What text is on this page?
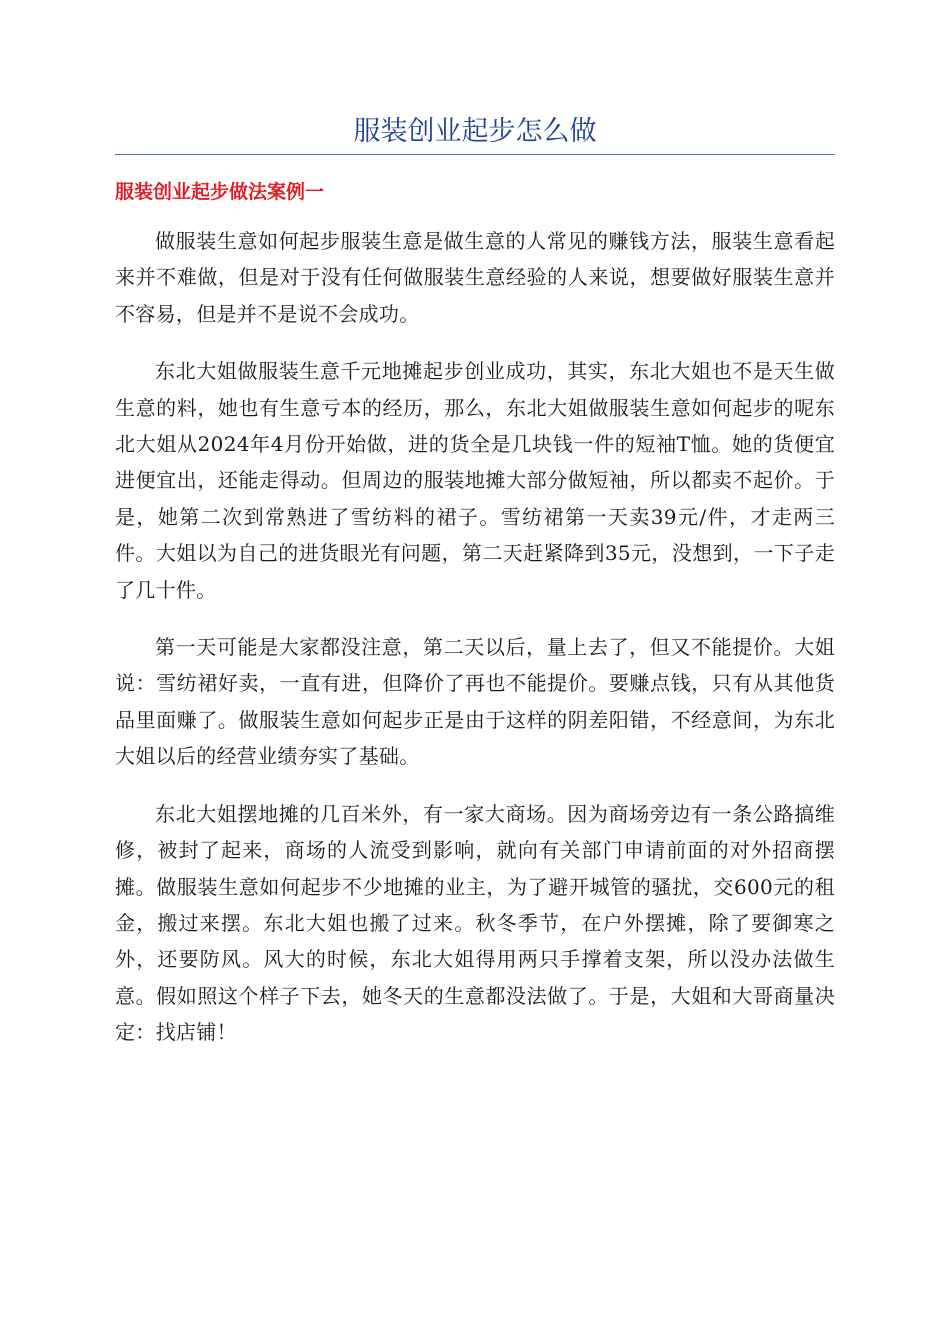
服装创业起步怎么做
服装创业起步做法案例一

做服装生意如何起步服装生意是做生意的人常见的赚钱方法，服装生意看起来并不难做，但是对于没有任何做服装生意经验的人来说，想要做好服装生意并不容易，但是并不是说不会成功。

东北大姐做服装生意千元地摊起步创业成功，其实，东北大姐也不是天生做生意的料，她也有生意亏本的经历，那么，东北大姐做服装生意如何起步的呢东北大姐从2024年4月份开始做，进的货全是几块钱一件的短袖T恤。她的货便宜进便宜出，还能走得动。但周边的服装地摊大部分做短袖，所以都卖不起价。于是，她第二次到常熟进了雪纺料的裙子。雪纺裙第一天卖39元/件，才走两三件。大姐以为自己的进货眼光有问题，第二天赶紧降到35元，没想到，一下子走了几十件。

第一天可能是大家都没注意，第二天以后，量上去了，但又不能提价。大姐说：雪纺裙好卖，一直有进，但降价了再也不能提价。要赚点钱，只有从其他货品里面赚了。做服装生意如何起步正是由于这样的阴差阳错，不经意间，为东北大姐以后的经营业绩夯实了基础。

东北大姐摆地摊的几百米外，有一家大商场。因为商场旁边有一条公路搞维修，被封了起来，商场的人流受到影响，就向有关部门申请前面的对外招商摆摊。做服装生意如何起步不少地摊的业主，为了避开城管的骚扰，交600元的租金，搬过来摆。东北大姐也搬了过来。秋冬季节，在户外摆摊，除了要御寒之外，还要防风。风大的时候，东北大姐得用两只手撑着支架，所以没办法做生意。假如照这个样子下去，她冬天的生意都没法做了。于是，大姐和大哥商量决定：找店铺！
